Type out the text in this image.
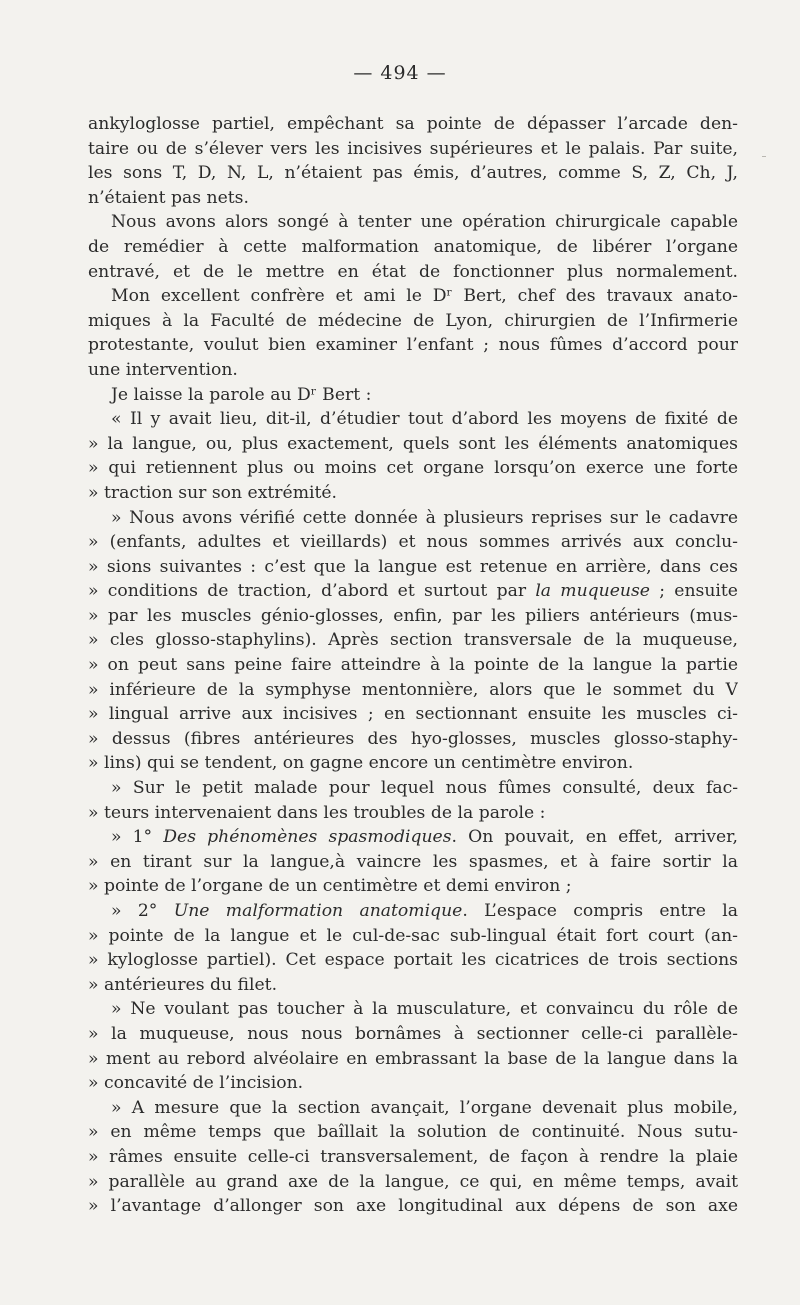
— 494 —
ankyloglosse partiel, empêchant sa pointe de dépasser l’arcade den-
taire ou de s’élever vers les incisives supérieures et le palais. Par suite,
les sons T, D, N, L, n’étaient pas émis, d’autres, comme S, Z, Ch, J,
n’étaient pas nets.
Nous avons alors songé à tenter une opération chirurgicale capable
de remédier à cette malformation anatomique, de libérer l’organe
entravé, et de le mettre en état de fonctionner plus normalement.
Mon excellent confrère et ami le Dʳ Bert, chef des travaux anato-
miques à la Faculté de médecine de Lyon, chirurgien de l’Infirmerie
protestante, voulut bien examiner l’enfant ; nous fûmes d’accord pour
une intervention.
Je laisse la parole au Dʳ Bert :
« Il y avait lieu, dit-il, d’étudier tout d’abord les moyens de fixité de
» la langue, ou, plus exactement, quels sont les éléments anatomiques
» qui retiennent plus ou moins cet organe lorsqu’on exerce une forte
» traction sur son extrémité.
» Nous avons vérifié cette donnée à plusieurs reprises sur le cadavre
» (enfants, adultes et vieillards) et nous sommes arrivés aux conclu-
» sions suivantes : c’est que la langue est retenue en arrière, dans ces
» conditions de traction, d’abord et surtout par la muqueuse ; ensuite
» par les muscles génio-glosses, enfin, par les piliers antérieurs (mus-
» cles glosso-staphylins). Après section transversale de la muqueuse,
» on peut sans peine faire atteindre à la pointe de la langue la partie
» inférieure de la symphyse mentonnière, alors que le sommet du V
» lingual arrive aux incisives ; en sectionnant ensuite les muscles ci-
» dessus (fibres antérieures des hyo-glosses, muscles glosso-staphy-
» lins) qui se tendent, on gagne encore un centimètre environ.
» Sur le petit malade pour lequel nous fûmes consulté, deux fac-
» teurs intervenaient dans les troubles de la parole :
» 1° Des phénomènes spasmodiques. On pouvait, en effet, arriver,
» en tirant sur la langue,à vaincre les spasmes, et à faire sortir la
» pointe de l’organe de un centimètre et demi environ ;
» 2° Une malformation anatomique. L’espace compris entre la
» pointe de la langue et le cul-de-sac sub-lingual était fort court (an-
» kyloglosse partiel). Cet espace portait les cicatrices de trois sections
» antérieures du filet.
» Ne voulant pas toucher à la musculature, et convaincu du rôle de
» la muqueuse, nous nous bornâmes à sectionner celle-ci parallèle-
» ment au rebord alvéolaire en embrassant la base de la langue dans la
» concavité de l’incision.
» A mesure que la section avançait, l’organe devenait plus mobile,
» en même temps que baîllait la solution de continuité. Nous sutu-
» râmes ensuite celle-ci transversalement, de façon à rendre la plaie
» parallèle au grand axe de la langue, ce qui, en même temps, avait
» l’avantage d’allonger son axe longitudinal aux dépens de son axe
